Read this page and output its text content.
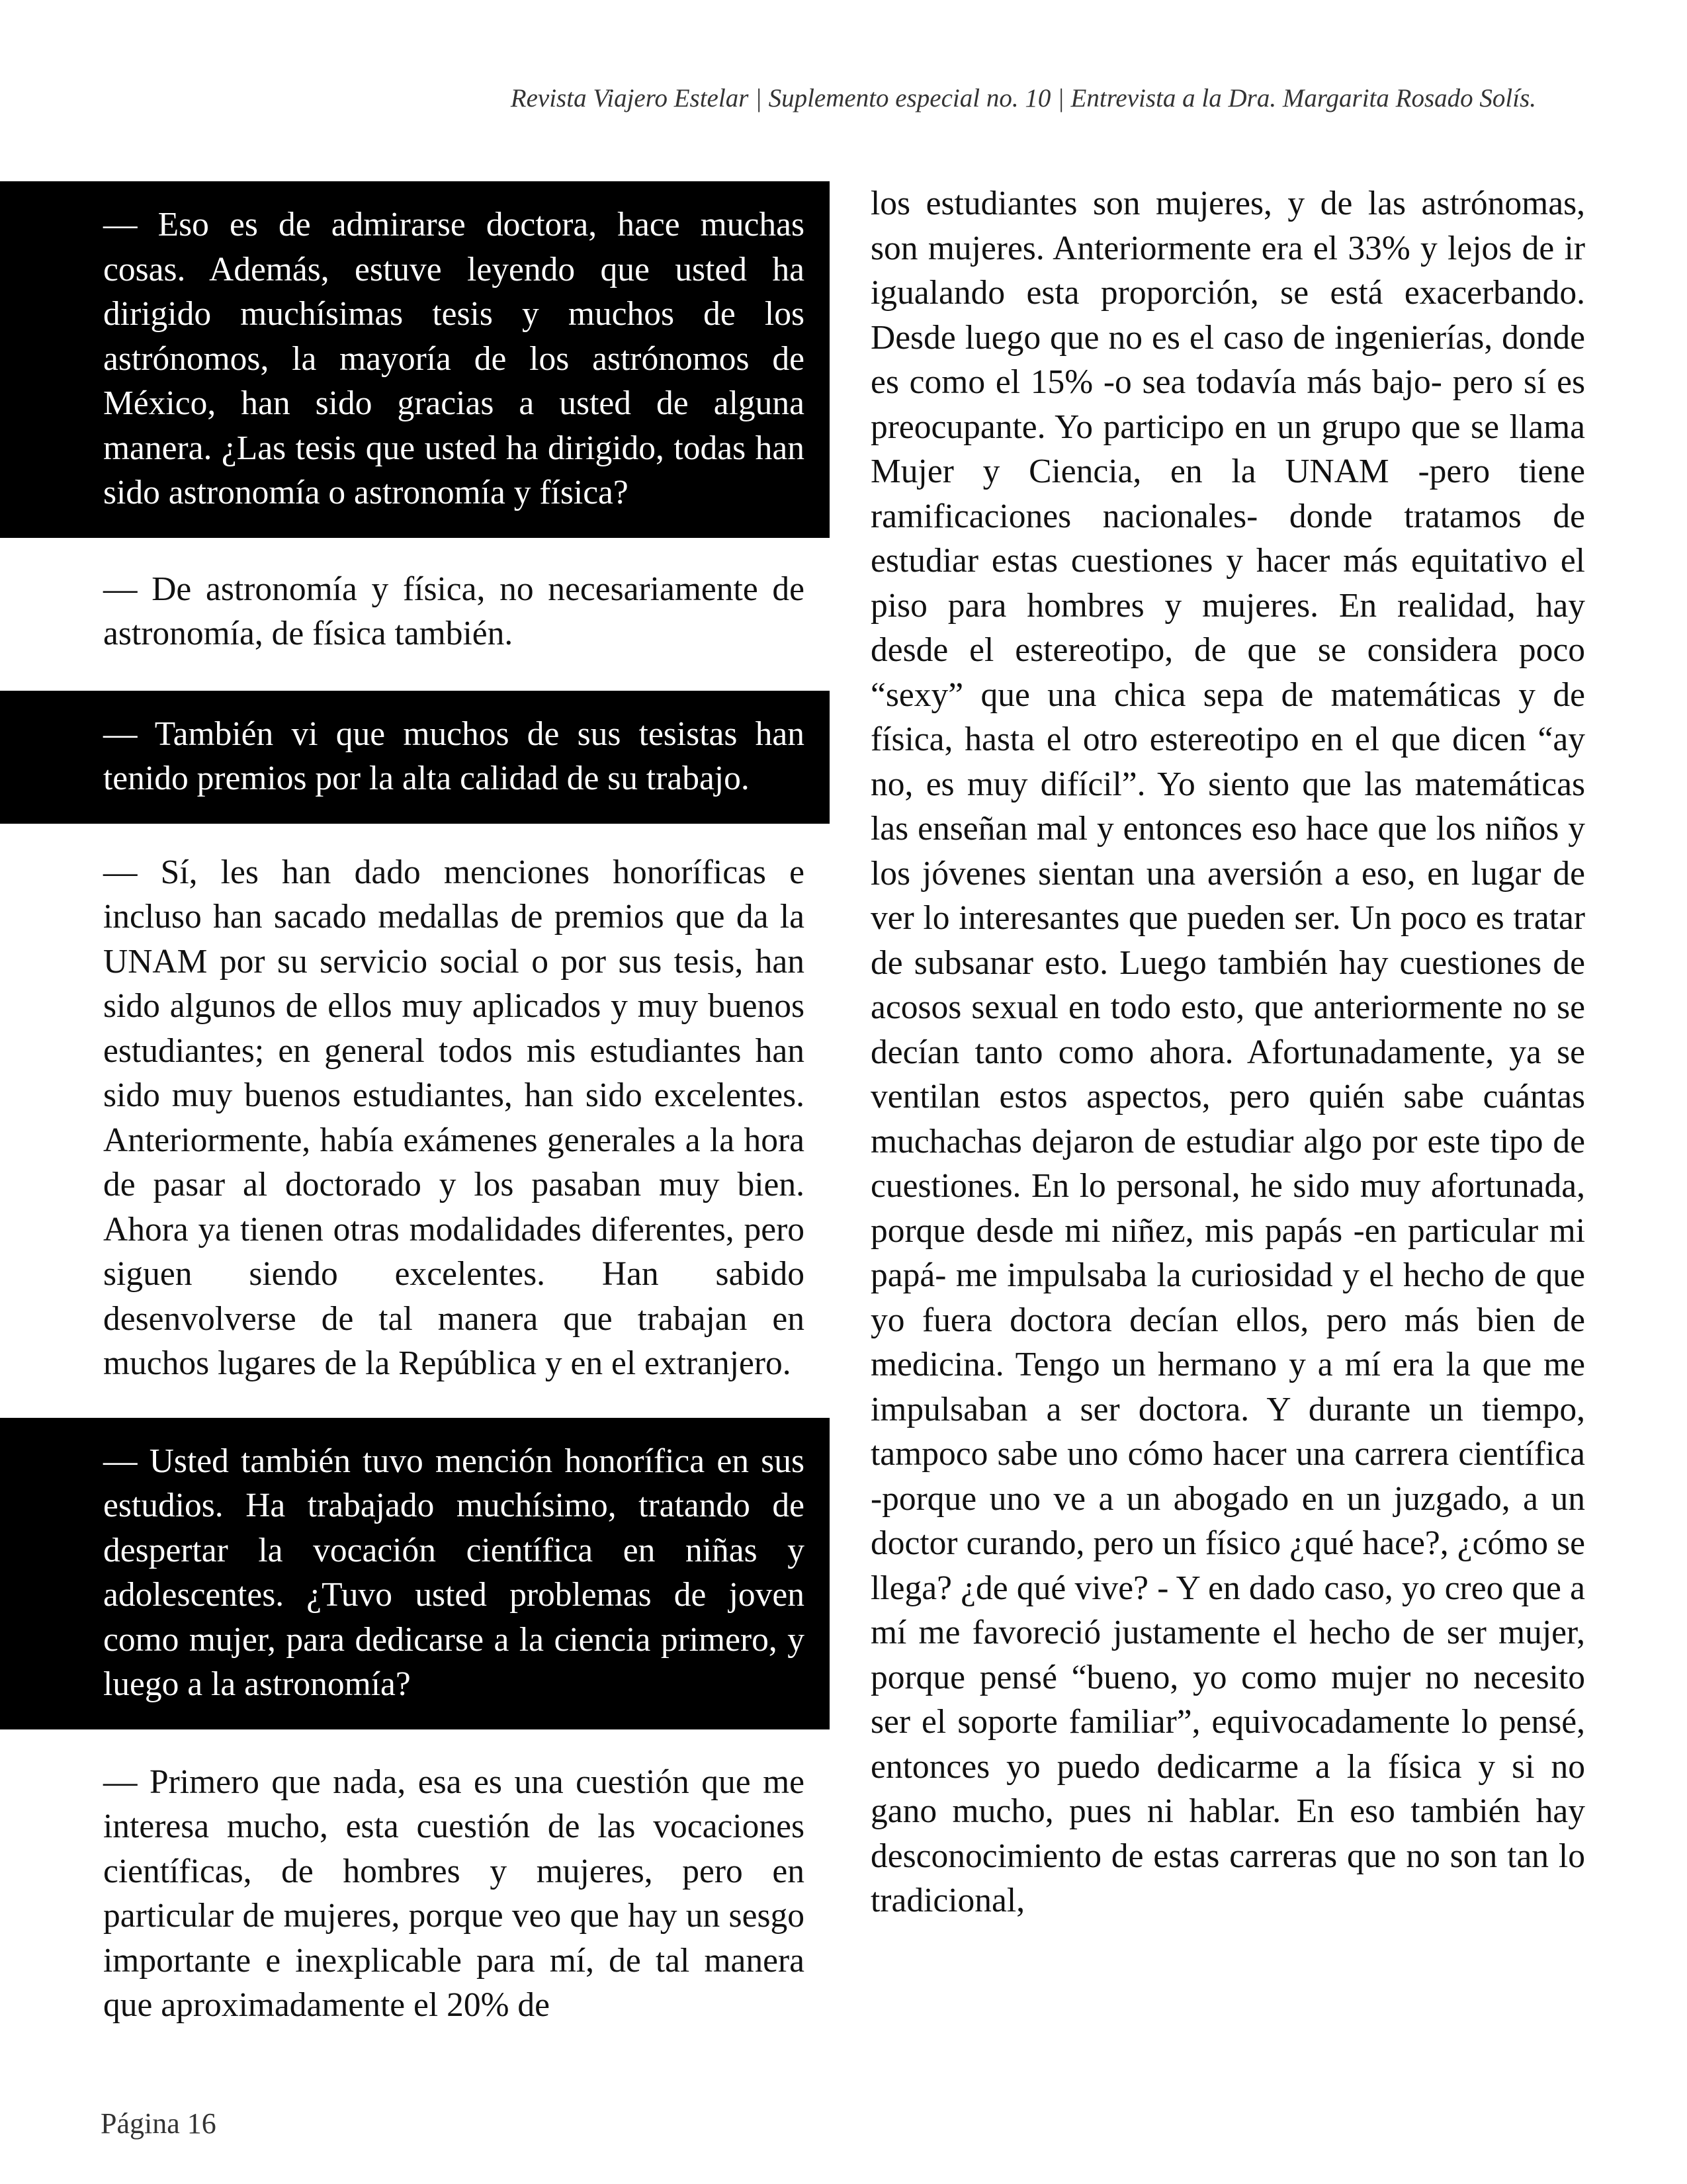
Revista Viajero Estelar | Suplemento especial no. 10 | Entrevista a la Dra. Margarita Rosado Solís.
— Eso es de admirarse doctora, hace muchas cosas. Además, estuve leyendo que usted ha dirigido muchísimas tesis y muchos de los astrónomos, la mayoría de los astrónomos de México, han sido gracias a usted de alguna manera. ¿Las tesis que usted ha dirigido, todas han sido astronomía o astronomía y física?
— De astronomía y física, no necesariamente de astronomía, de física también.
— También vi que muchos de sus tesistas han tenido premios por la alta calidad de su trabajo.
— Sí, les han dado menciones honoríficas e incluso han sacado medallas de premios que da la UNAM por su servicio social o por sus tesis, han sido algunos de ellos muy aplicados y muy buenos estudiantes; en general todos mis estudiantes han sido muy buenos estudiantes, han sido excelentes. Anteriormente, había exámenes generales a la hora de pasar al doctorado y los pasaban muy bien. Ahora ya tienen otras modalidades diferentes, pero siguen siendo excelentes. Han sabido desenvolverse de tal manera que trabajan en muchos lugares de la República y en el extranjero.
— Usted también tuvo mención honorífica en sus estudios. Ha trabajado muchísimo, tratando de despertar la vocación científica en niñas y adolescentes. ¿Tuvo usted problemas de joven como mujer, para dedicarse a la ciencia primero, y luego a la astronomía?
— Primero que nada, esa es una cuestión que me interesa mucho, esta cuestión de las vocaciones científicas, de hombres y mujeres, pero en particular de mujeres, porque veo que hay un sesgo importante e inexplicable para mí, de tal manera que aproximadamente el 20% de
los estudiantes son mujeres, y de las astrónomas, son mujeres. Anteriormente era el 33% y lejos de ir igualando esta proporción, se está exacerbando. Desde luego que no es el caso de ingenierías, donde es como el 15% -o sea todavía más bajo- pero sí es preocupante. Yo participo en un grupo que se llama Mujer y Ciencia, en la UNAM -pero tiene ramificaciones nacionales- donde tratamos de estudiar estas cuestiones y hacer más equitativo el piso para hombres y mujeres. En realidad, hay desde el estereotipo, de que se considera poco “sexy” que una chica sepa de matemáticas y de física, hasta el otro estereotipo en el que dicen “ay no, es muy difícil”. Yo siento que las matemáticas las enseñan mal y entonces eso hace que los niños y los jóvenes sientan una aversión a eso, en lugar de ver lo interesantes que pueden ser. Un poco es tratar de subsanar esto. Luego también hay cuestiones de acosos sexual en todo esto, que anteriormente no se decían tanto como ahora. Afortunadamente, ya se ventilan estos aspectos, pero quién sabe cuántas muchachas dejaron de estudiar algo por este tipo de cuestiones. En lo personal, he sido muy afortunada, porque desde mi niñez, mis papás -en particular mi papá- me impulsaba la curiosidad y el hecho de que yo fuera doctora decían ellos, pero más bien de medicina. Tengo un hermano y a mí era la que me impulsaban a ser doctora. Y durante un tiempo, tampoco sabe uno cómo hacer una carrera científica -porque uno ve a un abogado en un juzgado, a un doctor curando, pero un físico ¿qué hace?, ¿cómo se llega? ¿de qué vive? - Y en dado caso, yo creo que a mí me favoreció justamente el hecho de ser mujer, porque pensé “bueno, yo como mujer no necesito ser el soporte familiar”, equivocadamente lo pensé, entonces yo puedo dedicarme a la física y si no gano mucho, pues ni hablar. En eso también hay desconocimiento de estas carreras que no son tan lo tradicional,
Página 16
